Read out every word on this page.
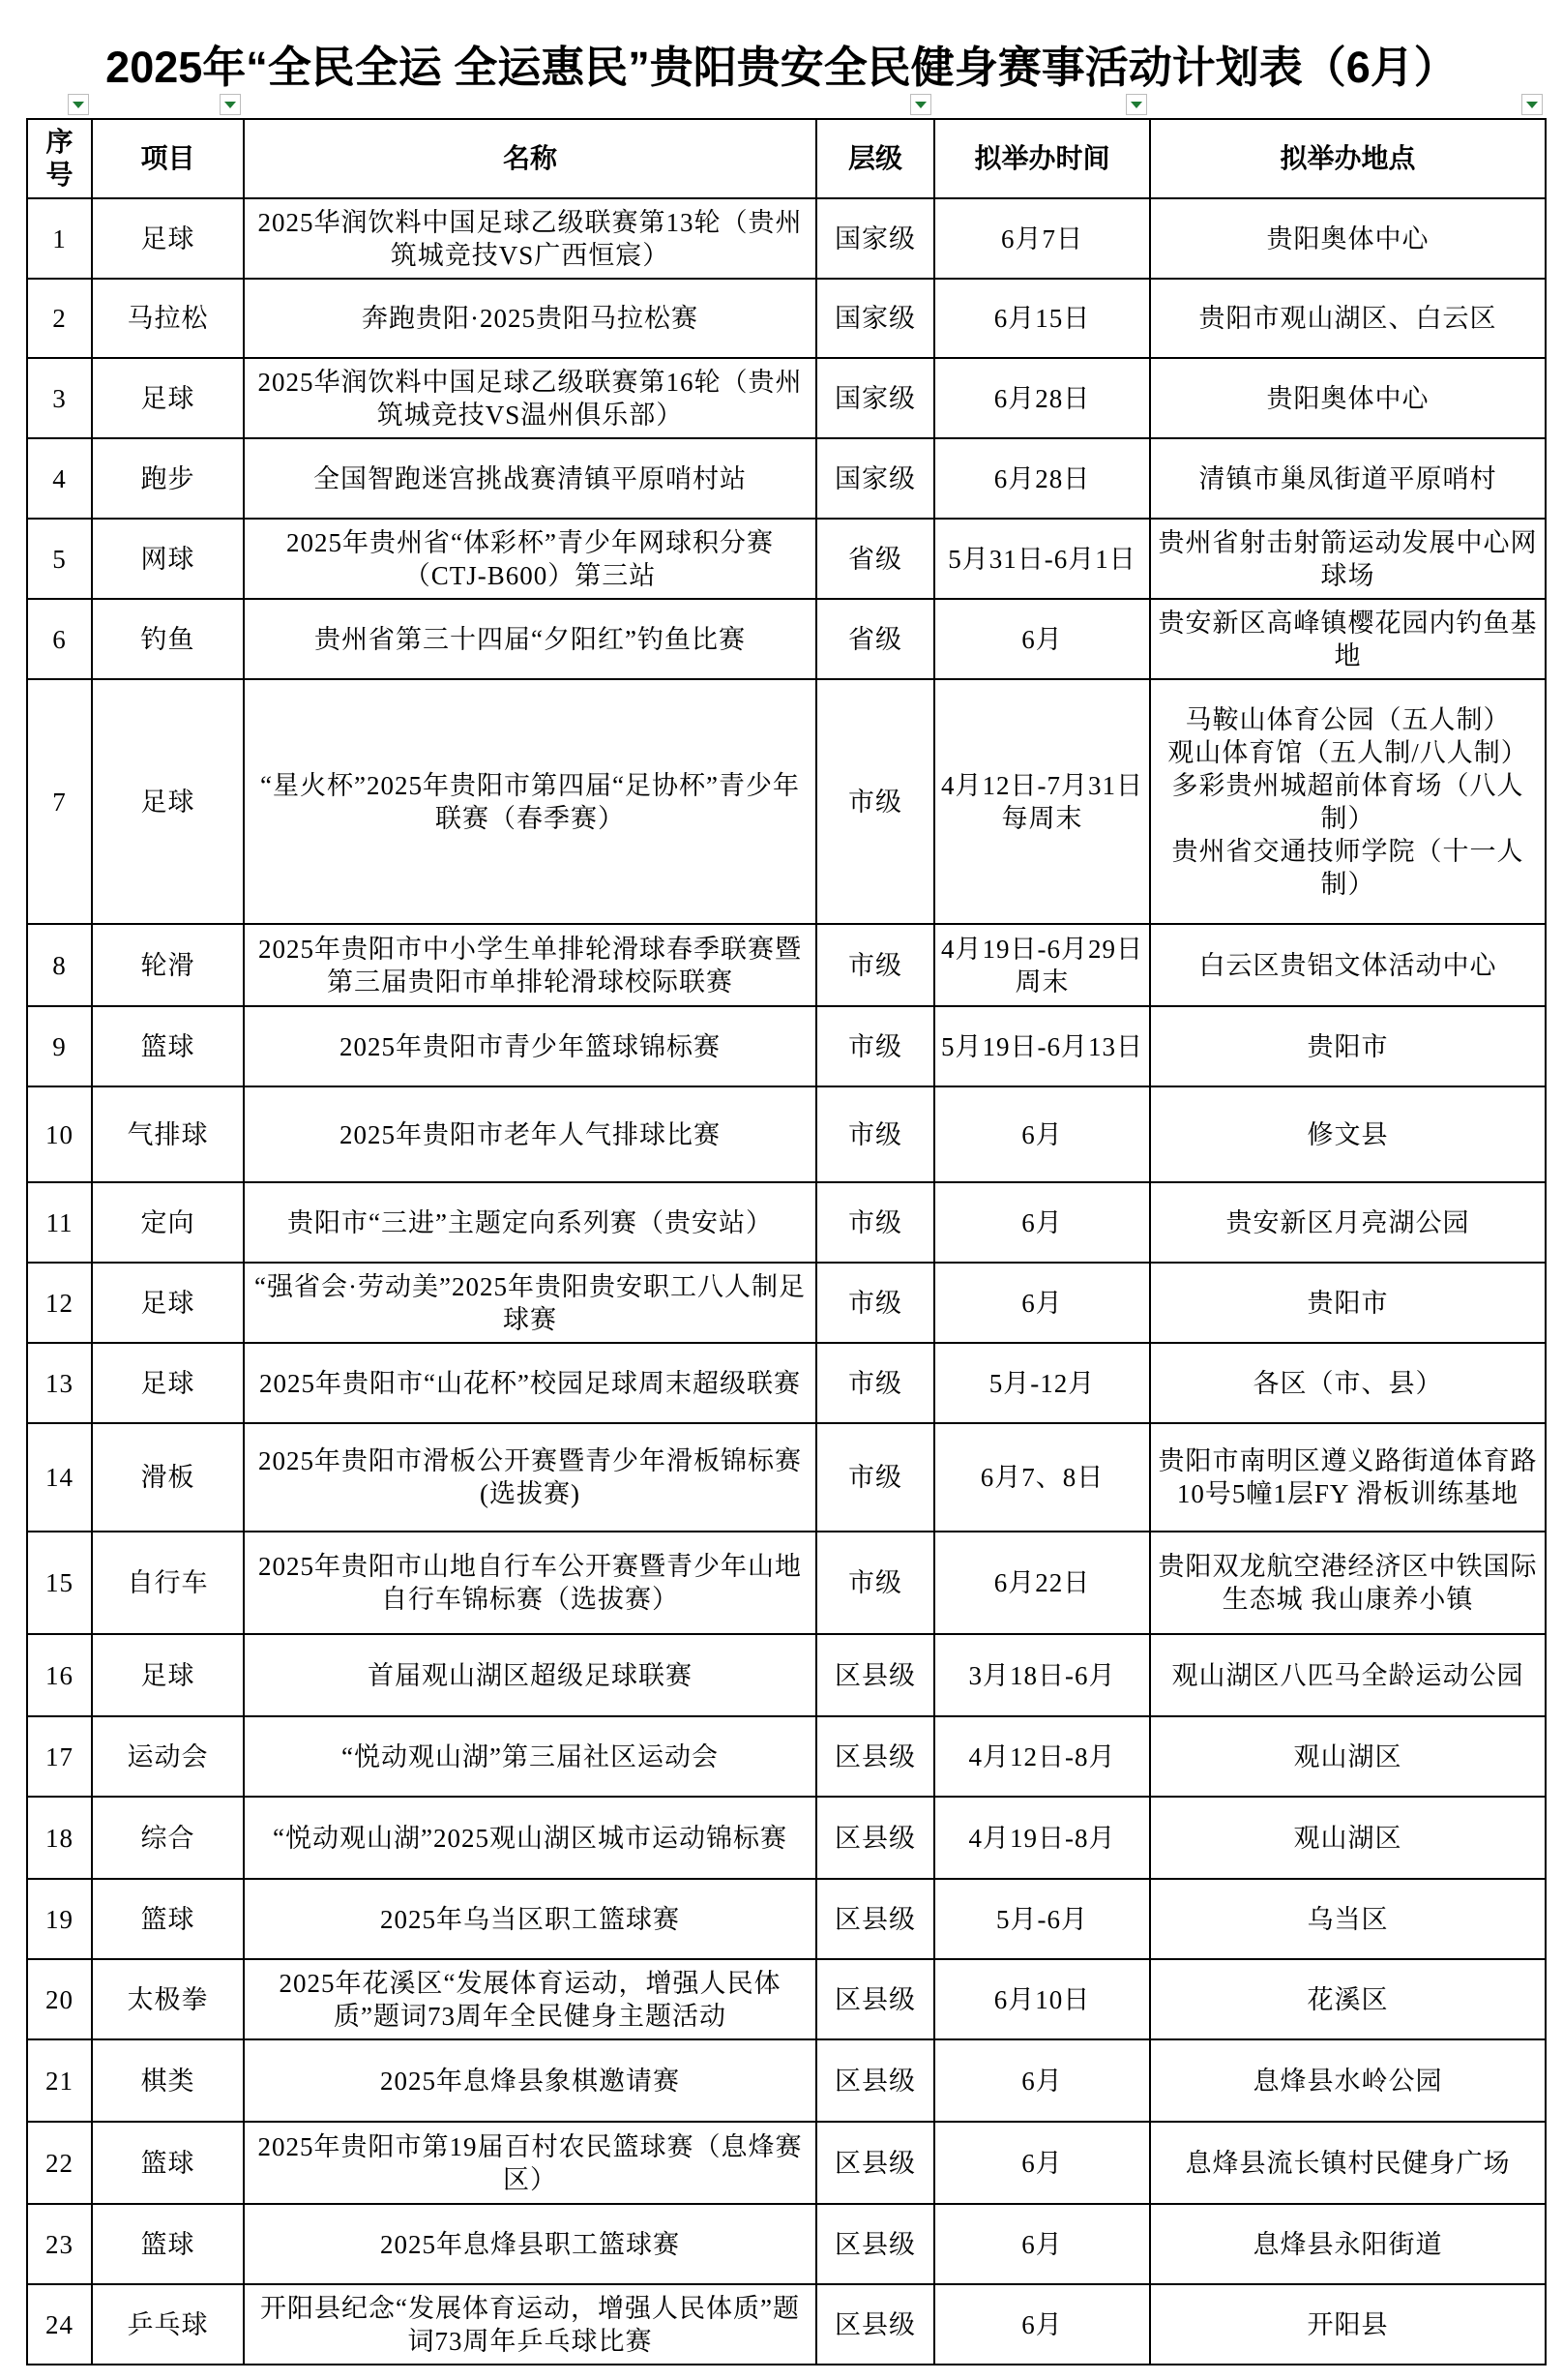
2025年“全民全运 全运惠民”贵阳贵安全民健身赛事活动计划表（6月）
序号	项目	名称	层级	拟举办时间	拟举办地点
1	足球	2025华润饮料中国足球乙级联赛第13轮（贵州筑城竞技VS广西恒宸）	国家级	6月7日	贵阳奥体中心
2	马拉松	奔跑贵阳·2025贵阳马拉松赛	国家级	6月15日	贵阳市观山湖区、白云区
3	足球	2025华润饮料中国足球乙级联赛第16轮（贵州筑城竞技VS温州俱乐部）	国家级	6月28日	贵阳奥体中心
4	跑步	全国智跑迷宫挑战赛清镇平原哨村站	国家级	6月28日	清镇市巢凤街道平原哨村
5	网球	2025年贵州省“体彩杯”青少年网球积分赛（CTJ-B600）第三站	省级	5月31日-6月1日	贵州省射击射箭运动发展中心网球场
6	钓鱼	贵州省第三十四届“夕阳红”钓鱼比赛	省级	6月	贵安新区高峰镇樱花园内钓鱼基地
7	足球	“星火杯”2025年贵阳市第四届“足协杯”青少年联赛（春季赛）	市级	4月12日-7月31日每周末	马鞍山体育公园（五人制）
观山体育馆（五人制/八人制）
多彩贵州城超前体育场（八人制）
贵州省交通技师学院（十一人制）
8	轮滑	2025年贵阳市中小学生单排轮滑球春季联赛暨第三届贵阳市单排轮滑球校际联赛	市级	4月19日-6月29日周末	白云区贵铝文体活动中心
9	篮球	2025年贵阳市青少年篮球锦标赛	市级	5月19日-6月13日	贵阳市
10	气排球	2025年贵阳市老年人气排球比赛	市级	6月	修文县
11	定向	贵阳市“三进”主题定向系列赛（贵安站）	市级	6月	贵安新区月亮湖公园
12	足球	“强省会·劳动美”2025年贵阳贵安职工八人制足球赛	市级	6月	贵阳市
13	足球	2025年贵阳市“山花杯”校园足球周末超级联赛	市级	5月-12月	各区（市、县）
14	滑板	2025年贵阳市滑板公开赛暨青少年滑板锦标赛(选拔赛)	市级	6月7、8日	贵阳市南明区遵义路街道体育路10号5幢1层FY 滑板训练基地
15	自行车	2025年贵阳市山地自行车公开赛暨青少年山地自行车锦标赛（选拔赛）	市级	6月22日	贵阳双龙航空港经济区中铁国际生态城 我山康养小镇
16	足球	首届观山湖区超级足球联赛	区县级	3月18日-6月	观山湖区八匹马全龄运动公园
17	运动会	“悦动观山湖”第三届社区运动会	区县级	4月12日-8月	观山湖区
18	综合	“悦动观山湖”2025观山湖区城市运动锦标赛	区县级	4月19日-8月	观山湖区
19	篮球	2025年乌当区职工篮球赛	区县级	5月-6月	乌当区
20	太极拳	2025年花溪区“发展体育运动，增强人民体质”题词73周年全民健身主题活动	区县级	6月10日	花溪区
21	棋类	2025年息烽县象棋邀请赛	区县级	6月	息烽县水岭公园
22	篮球	2025年贵阳市第19届百村农民篮球赛（息烽赛区）	区县级	6月	息烽县流长镇村民健身广场
23	篮球	2025年息烽县职工篮球赛	区县级	6月	息烽县永阳街道
24	乒乓球	开阳县纪念“发展体育运动，增强人民体质”题词73周年乒乓球比赛	区县级	6月	开阳县
